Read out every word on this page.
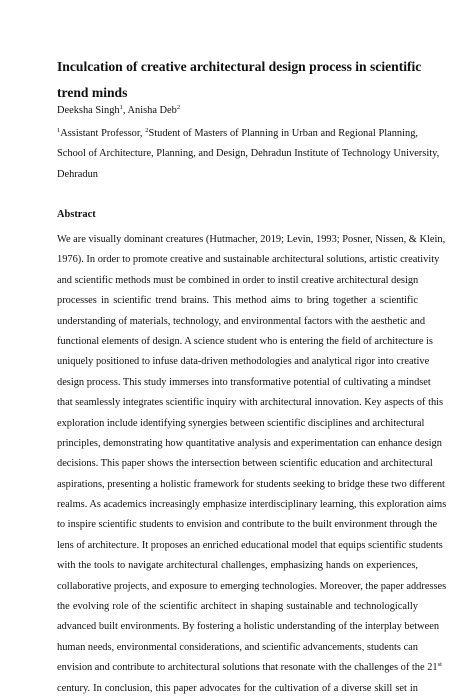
Inculcation of creative architectural design process in scientific trend minds

Deeksha Singh$^1$, Anisha Deb$^2$

$^1$Assistant Professor, $^2$Student of Masters of Planning in Urban and Regional Planning,
School of Architecture, Planning, and Design, Dehradun Institute of Technology University,
Dehradun

Abstract
We are visually dominant creatures (Hutmacher, 2019; Levin, 1993; Posner, Nissen, & Klein,
1976). In order to promote creative and sustainable architectural solutions, artistic creativity
and scientific methods must be combined in order to instil creative architectural design
processes in scientific trend brains. This method aims to bring together a scientific
understanding of materials, technology, and environmental factors with the aesthetic and
functional elements of design. A science student who is entering the field of architecture is
uniquely positioned to infuse data-driven methodologies and analytical rigor into creative
design process. This study immerses into transformative potential of cultivating a mindset
that seamlessly integrates scientific inquiry with architectural innovation. Key aspects of this
exploration include identifying synergies between scientific disciplines and architectural
principles, demonstrating how quantitative analysis and experimentation can enhance design
decisions. This paper shows the intersection between scientific education and architectural
aspirations, presenting a holistic framework for students seeking to bridge these two different
realms. As academics increasingly emphasize interdisciplinary learning, this exploration aims
to inspire scientific students to envision and contribute to the built environment through the
lens of architecture. It proposes an enriched educational model that equips scientific students
with the tools to navigate architectural challenges, emphasizing hands on experiences,
collaborative projects, and exposure to emerging technologies. Moreover, the paper addresses
the evolving role of the scientific architect in shaping sustainable and technologically
advanced built environments. By fostering a holistic understanding of the interplay between
human needs, environmental considerations, and scientific advancements, students can
envision and contribute to architectural solutions that resonate with the challenges of the 21st
century. In conclusion, this paper advocates for the cultivation of a diverse skill set in
